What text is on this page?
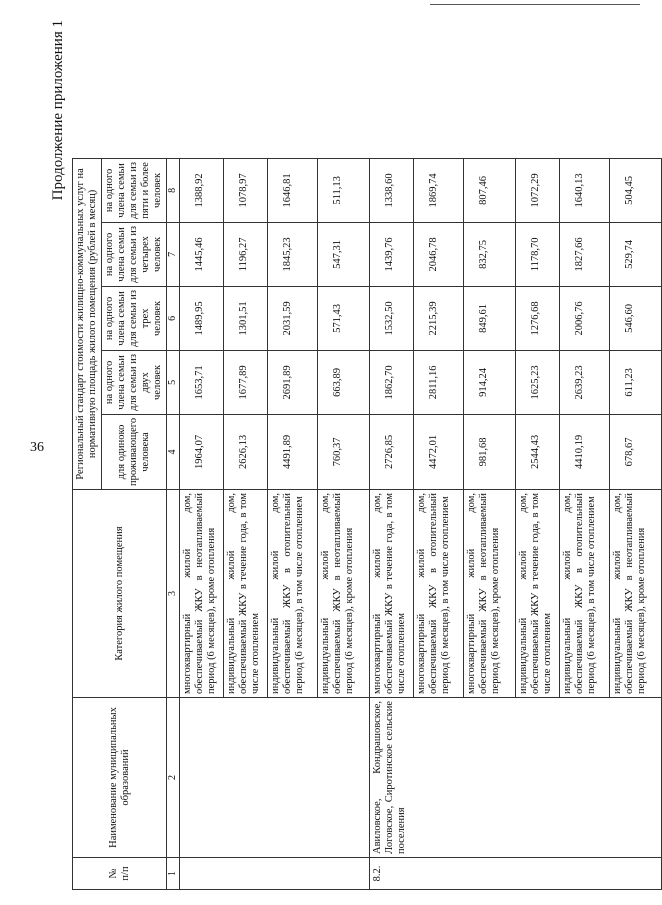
36
Продолжение приложения 1
№
п/п	Наименование муниципальных образований	Категория жилого помещения	Региональный стандарт стоимости жилищно-коммунальных услуг на нормативную площадь жилого помещения (рублей в месяц)				
			для одиноко проживающего человека	на одного члена семьи для семьи из двух человек	на одного члена семьи для семьи из трех человек	на одного члена семьи для семьи из четырех человек	на одного члена семьи для семьи из пяти и более человек
1	2	3	4	5	6	7	8
		многоквартирный жилой дом, обеспечиваемый ЖКУ в неотапливаемый период (6 месяцев), кроме отопления	1964,07	1653,71	1489,95	1445,46	1388,92
		индивидуальный жилой дом, обеспечиваемый ЖКУ в течение года, в том числе отоплением	2626,13	1677,89	1301,51	1196,27	1078,97
		индивидуальный жилой дом, обеспечиваемый ЖКУ в отопительный период (6 месяцев), в том числе отоплением	4491,89	2691,89	2031,59	1845,23	1646,81
		индивидуальный жилой дом, обеспечиваемый ЖКУ в неотапливаемый период (6 месяцев), кроме отопления	760,37	663,89	571,43	547,31	511,13
8.2.	Авиловское, Кондрашовское, Логовское, Сиротинское сельские поселения	многоквартирный жилой дом, обеспечиваемый ЖКУ в течение года, в том числе отоплением	2726,85	1862,70	1532,50	1439,76	1338,60
		многоквартирный жилой дом, обеспечиваемый ЖКУ в отопительный период (6 месяцев), в том числе отоплением	4472,01	2811,16	2215,39	2046,78	1869,74
		многоквартирный жилой дом, обеспечиваемый ЖКУ в неотапливаемый период (6 месяцев), кроме отопления	981,68	914,24	849,61	832,75	807,46
		индивидуальный жилой дом, обеспечиваемый ЖКУ в течение года, в том числе отоплением	2544,43	1625,23	1276,68	1178,70	1072,29
		индивидуальный жилой дом, обеспечиваемый ЖКУ в отопительный период (6 месяцев), в том числе отоплением	4410,19	2639,23	2006,76	1827,66	1640,13
		индивидуальный жилой дом, обеспечиваемый ЖКУ в неотапливаемый период (6 месяцев), кроме отопления	678,67	611,23	546,60	529,74	504,45
